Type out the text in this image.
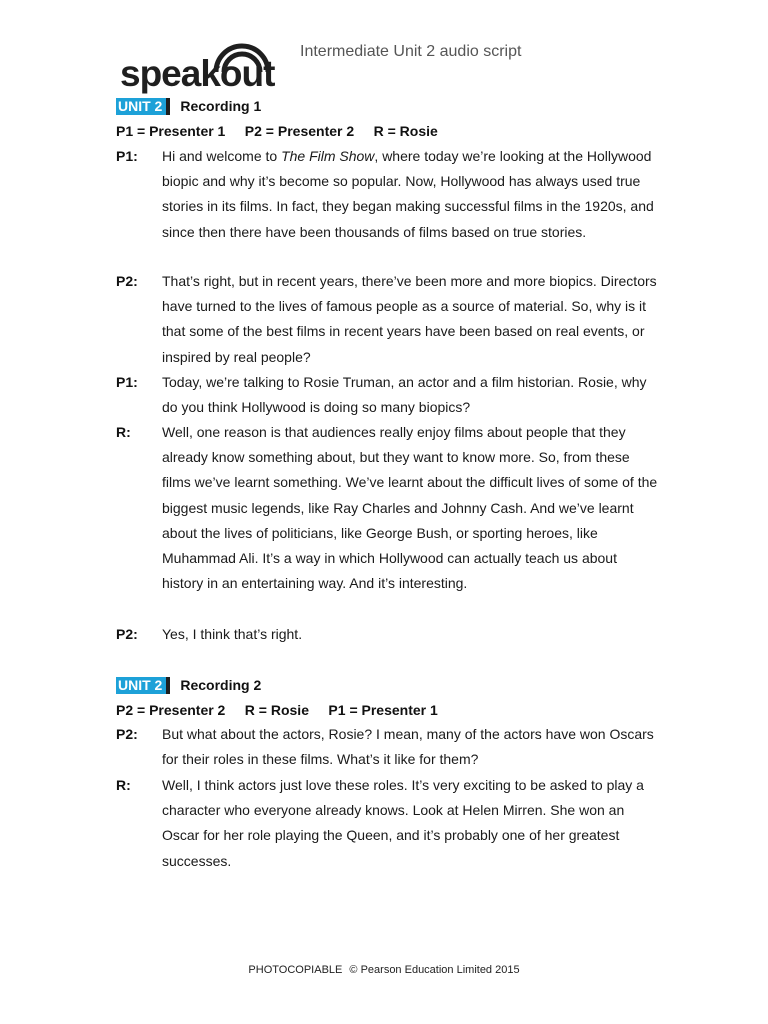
speakout
Intermediate Unit 2 audio script
UNIT 2	Recording 1
P1 = Presenter 1     P2 = Presenter 2     R = Rosie
P1: Hi and welcome to The Film Show, where today we’re looking at the Hollywood biopic and why it’s become so popular. Now, Hollywood has always used true stories in its films. In fact, they began making successful films in the 1920s, and since then there have been thousands of films based on true stories.
P2: That’s right, but in recent years, there’ve been more and more biopics. Directors have turned to the lives of famous people as a source of material. So, why is it that some of the best films in recent years have been based on real events, or inspired by real people?
P1: Today, we’re talking to Rosie Truman, an actor and a film historian. Rosie, why do you think Hollywood is doing so many biopics?
R: Well, one reason is that audiences really enjoy films about people that they already know something about, but they want to know more. So, from these films we’ve learnt something. We’ve learnt about the difficult lives of some of the biggest music legends, like Ray Charles and Johnny Cash. And we’ve learnt about the lives of politicians, like George Bush, or sporting heroes, like Muhammad Ali. It’s a way in which Hollywood can actually teach us about history in an entertaining way. And it’s interesting.
P2: Yes, I think that’s right.
UNIT 2	Recording 2
P2 = Presenter 2     R = Rosie     P1 = Presenter 1
P2: But what about the actors, Rosie? I mean, many of the actors have won Oscars for their roles in these films. What’s it like for them?
R: Well, I think actors just love these roles. It’s very exciting to be asked to play a character who everyone already knows. Look at Helen Mirren. She won an Oscar for her role playing the Queen, and it’s probably one of her greatest successes.
PHOTOCOPIABLE © Pearson Education Limited 2015
